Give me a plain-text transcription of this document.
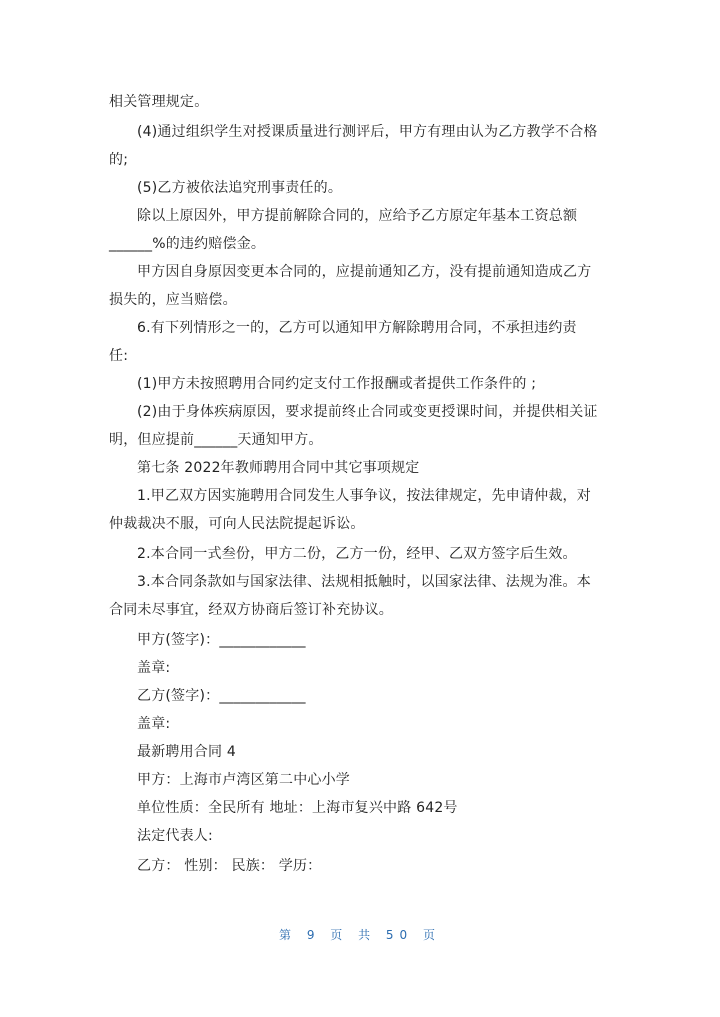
相关管理规定。
(4)通过组织学生对授课质量进行测评后，甲方有理由认为乙方教学不合格
的;
(5)乙方被依法追究刑事责任的。
除以上原因外，甲方提前解除合同的，应给予乙方原定年基本工资总额
______%的违约赔偿金。
甲方因自身原因变更本合同的，应提前通知乙方，没有提前通知造成乙方
损失的，应当赔偿。
6.有下列情形之一的，乙方可以通知甲方解除聘用合同，不承担违约责
任:
(1)甲方未按照聘用合同约定支付工作报酬或者提供工作条件的 ;
(2)由于身体疾病原因，要求提前终止合同或变更授课时间，并提供相关证
明，但应提前______天通知甲方。
第七条 2022年教师聘用合同中其它事项规定
1.甲乙双方因实施聘用合同发生人事争议，按法律规定，先申请仲裁，对
仲裁裁决不服，可向人民法院提起诉讼。
2.本合同一式叁份，甲方二份，乙方一份，经甲、乙双方签字后生效。
3.本合同条款如与国家法律、法规相抵触时，以国家法律、法规为准。本
合同未尽事宜，经双方协商后签订补充协议。
甲方(签字)：____________
盖章:
乙方(签字)：____________
盖章:
最新聘用合同 4
甲方：上海市卢湾区第二中心小学
单位性质：全民所有 地址：上海市复兴中路 642号
法定代表人:
乙方： 性别： 民族： 学历：
第 9 页 共 50 页
